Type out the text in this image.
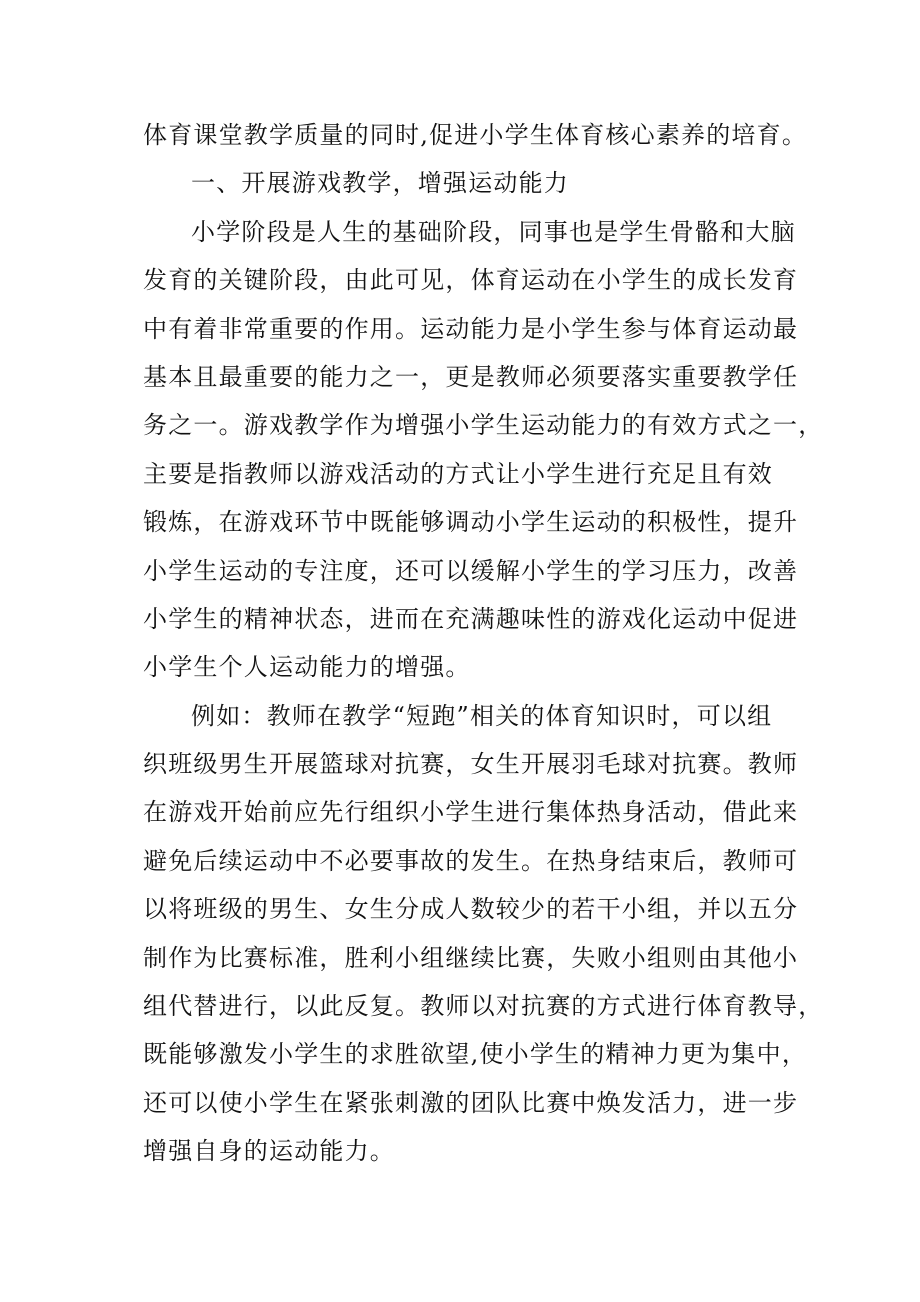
体育课堂教学质量的同时,促进小学生体育核心素养的培育。
一、开展游戏教学，增强运动能力
小学阶段是人生的基础阶段，同事也是学生骨骼和大脑
发育的关键阶段，由此可见，体育运动在小学生的成长发育
中有着非常重要的作用。运动能力是小学生参与体育运动最
基本且最重要的能力之一，更是教师必须要落实重要教学任
务之一。游戏教学作为增强小学生运动能力的有效方式之一，
主要是指教师以游戏活动的方式让小学生进行充足且有效
锻炼，在游戏环节中既能够调动小学生运动的积极性，提升
小学生运动的专注度，还可以缓解小学生的学习压力，改善
小学生的精神状态，进而在充满趣味性的游戏化运动中促进
小学生个人运动能力的增强。
例如：教师在教学“短跑”相关的体育知识时，可以组
织班级男生开展篮球对抗赛，女生开展羽毛球对抗赛。教师
在游戏开始前应先行组织小学生进行集体热身活动，借此来
避免后续运动中不必要事故的发生。在热身结束后，教师可
以将班级的男生、女生分成人数较少的若干小组，并以五分
制作为比赛标准，胜利小组继续比赛，失败小组则由其他小
组代替进行，以此反复。教师以对抗赛的方式进行体育教导，
既能够激发小学生的求胜欲望,使小学生的精神力更为集中，
还可以使小学生在紧张刺激的团队比赛中焕发活力，进一步
增强自身的运动能力。
